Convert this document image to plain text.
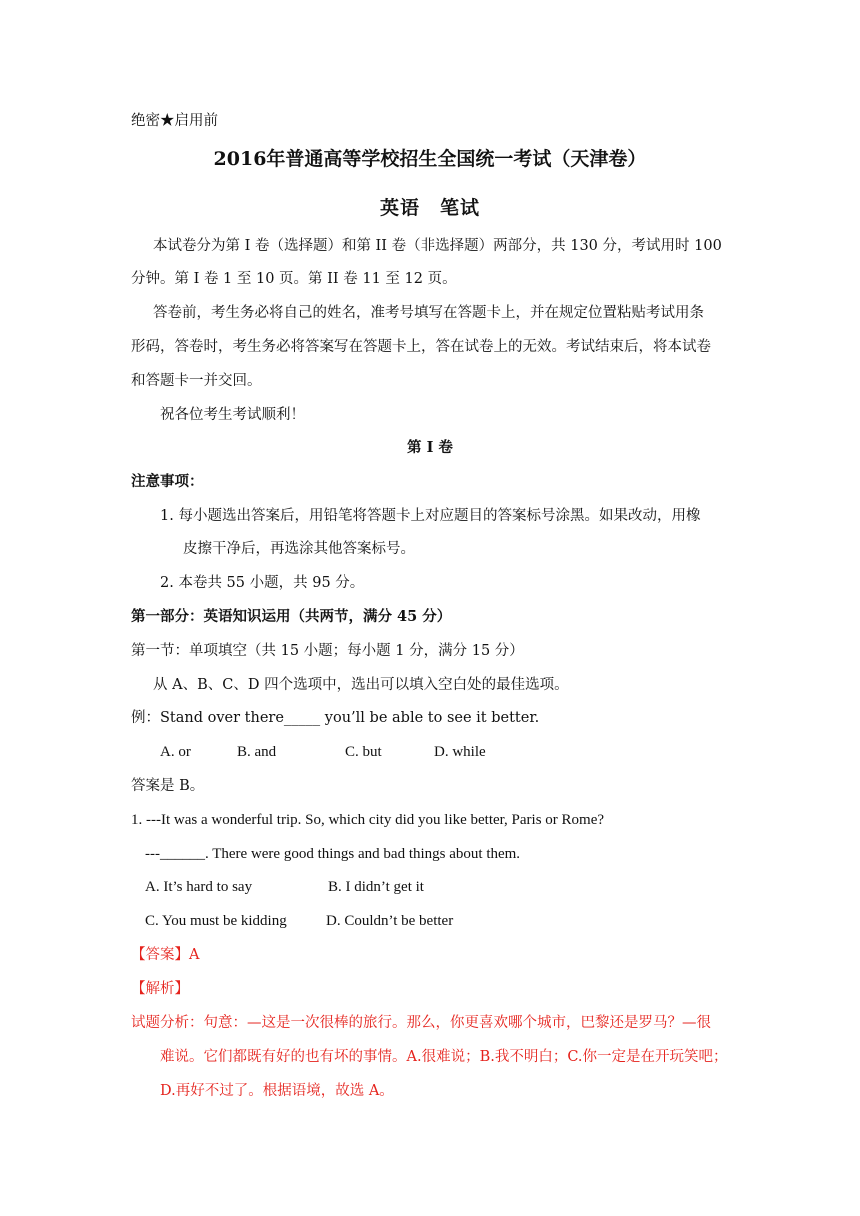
绝密★启用前
2016年普通高等学校招生全国统一考试（天津卷）
英语　笔试
本试卷分为第 I 卷（选择题）和第 II 卷（非选择题）两部分，共 130 分，考试用时 100
分钟。第 I 卷 1 至 10 页。第 II 卷 11 至 12 页。
答卷前，考生务必将自己的姓名，准考号填写在答题卡上，并在规定位置粘贴考试用条
形码，答卷时，考生务必将答案写在答题卡上，答在试卷上的无效。考试结束后，将本试卷
和答题卡一并交回。
祝各位考生考试顺利！
第 I 卷
注意事项：
1. 每小题选出答案后，用铅笔将答题卡上对应题目的答案标号涂黑。如果改动，用橡
皮擦干净后，再选涂其他答案标号。
2. 本卷共 55 小题，共 95 分。
第一部分：英语知识运用（共两节，满分 45 分）
第一节：单项填空（共 15 小题；每小题 1 分，满分 15 分）
从 A、B、C、D 四个选项中，选出可以填入空白处的最佳选项。
例：Stand over there_____ you’ll be able to see it better.
A. or	B. and	C. but	D. while
答案是 B。
1. ---It was a wonderful trip. So, which city did you like better, Paris or Rome?
---______. There were good things and bad things about them.
A. It’s hard to say	B. I didn’t get it
C. You must be kidding	D. Couldn’t be better
【答案】A
【解析】
试题分析：句意：—这是一次很棒的旅行。那么，你更喜欢哪个城市，巴黎还是罗马？—很
难说。它们都既有好的也有坏的事情。A.很难说；B.我不明白；C.你一定是在开玩笑吧；
D.再好不过了。根据语境，故选 A。
